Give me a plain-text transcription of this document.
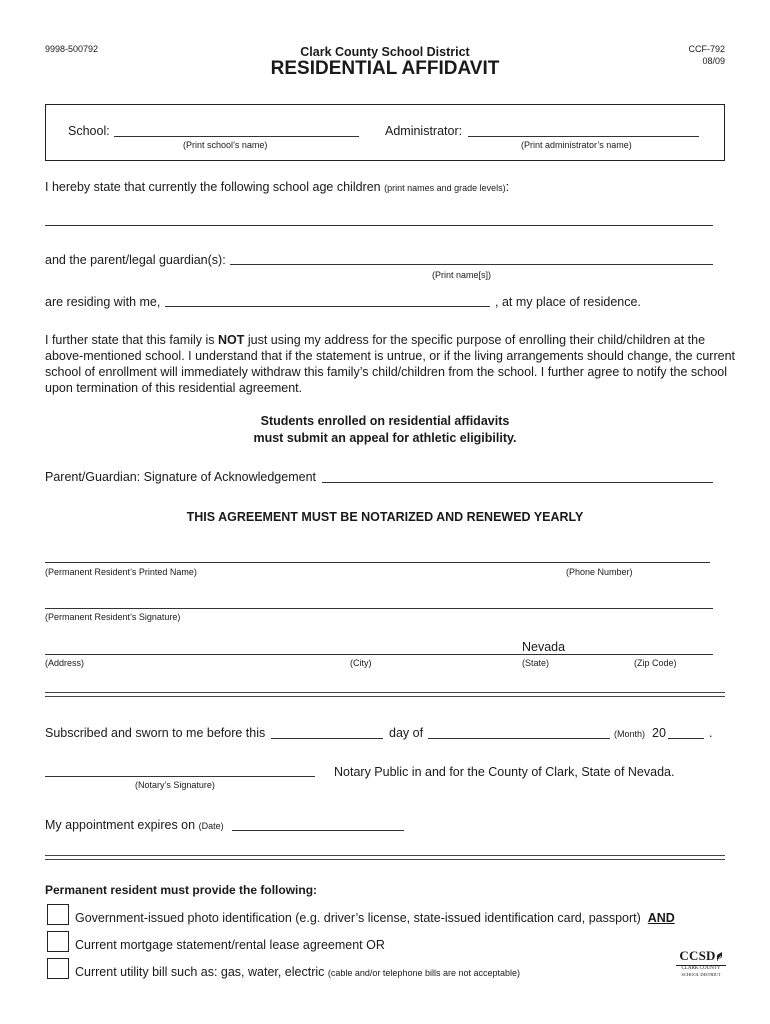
9998-500792	Clark County School District
RESIDENTIAL AFFIDAVIT
CCF-792
08/09
School:
(Print school’s name)
Administrator:
(Print administrator’s name)
I hereby state that currently the following school age children (print names and grade levels):
and the parent/legal guardian(s):
(Print name[s])
are residing with me,	, at my place of residence.
I further state that this family is NOT just using my address for the specific purpose of enrolling their child/children at the above-mentioned school. I understand that if the statement is untrue, or if the living arrangements should change, the current school of enrollment will immediately withdraw this family’s child/children from the school. I further agree to notify the school upon termination of this residential agreement.
Students enrolled on residential affidavits
must submit an appeal for athletic eligibility.
Parent/Guardian: Signature of Acknowledgement
THIS AGREEMENT MUST BE NOTARIZED AND RENEWED YEARLY
(Permanent Resident’s Printed Name)	(Phone Number)
(Permanent Resident’s Signature)
Nevada
(Address)	(City)	(State)	(Zip Code)
Subscribed and sworn to me before this	day of	(Month) 20	.
(Notary’s Signature)
Notary Public in and for the County of Clark, State of Nevada.
My appointment expires on (Date)
Permanent resident must provide the following:
Government-issued photo identification (e.g. driver’s license, state-issued identification card, passport) AND
Current mortgage statement/rental lease agreement OR
Current utility bill such as: gas, water, electric (cable and/or telephone bills are not acceptable)
CCSD
CLARK COUNTY
SCHOOL DISTRICT
